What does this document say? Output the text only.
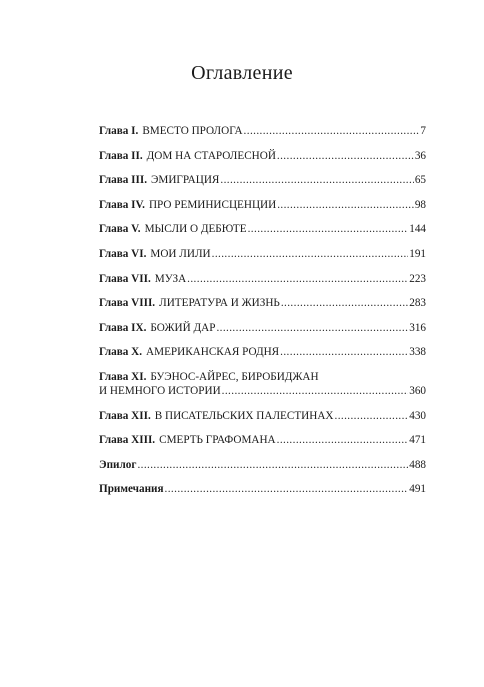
Оглавление
Глава I. ВМЕСТО ПРОЛОГА .....	7
Глава II. ДОМ НА СТАРОЛЕСНОЙ .....	36
Глава III. ЭМИГРАЦИЯ .....	65
Глава IV. ПРО РЕМИНИСЦЕНЦИИ .....	98
Глава V. МЫСЛИ О ДЕБЮТЕ .....	144
Глава VI. МОИ ЛИЛИ .....	191
Глава VII. МУЗА .....	223
Глава VIII. ЛИТЕРАТУРА И ЖИЗНЬ .....	283
Глава IX. БОЖИЙ ДАР .....	316
Глава X. АМЕРИКАНСКАЯ РОДНЯ .....	338
Глава XI. БУЭНОС-АЙРЕС, БИРОБИДЖАН
И НЕМНОГО ИСТОРИИ .....	360
Глава XII. В ПИСАТЕЛЬСКИХ ПАЛЕСТИНАХ .....	430
Глава XIII. СМЕРТЬ ГРАФОМАНА .....	471
Эпилог .....	488
Примечания .....	491
